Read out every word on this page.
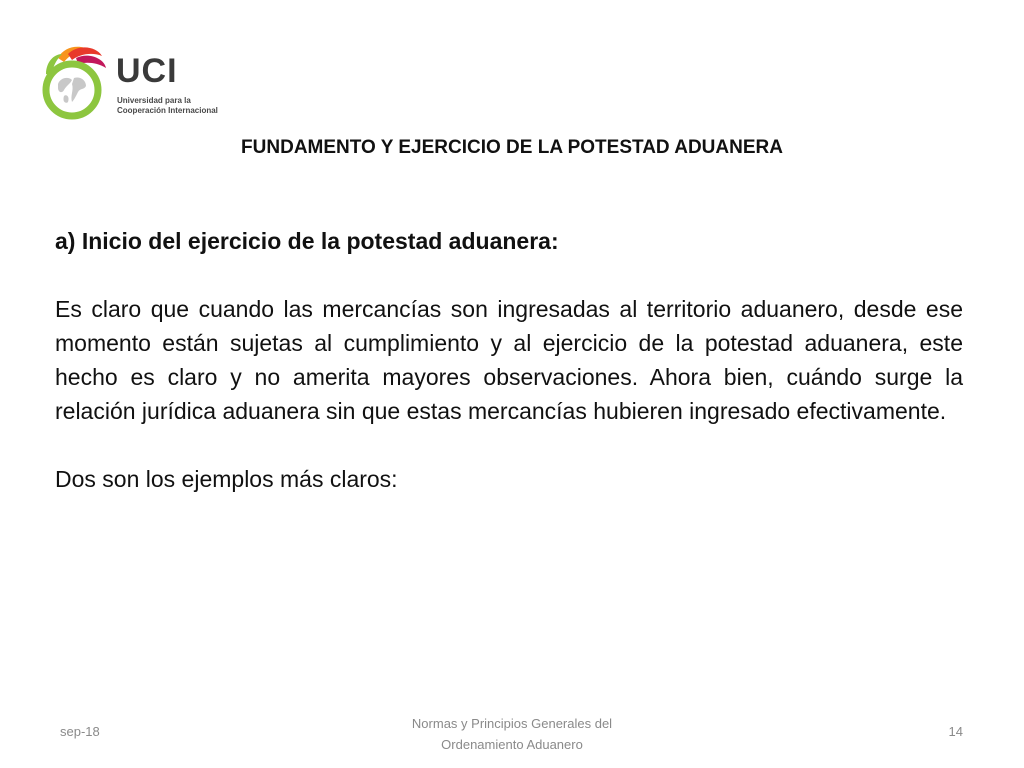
UCI
Universidad para la
Cooperación Internacional
FUNDAMENTO Y EJERCICIO DE LA POTESTAD ADUANERA

a) Inicio del ejercicio de la potestad aduanera:

Es claro que cuando las mercancías son ingresadas al territorio aduanero, desde ese momento están sujetas al cumplimiento y al ejercicio de la potestad aduanera, este hecho es claro y no amerita mayores observaciones. Ahora bien, cuándo surge la relación jurídica aduanera sin que estas mercancías hubieren ingresado efectivamente.

Dos son los ejemplos más claros:

sep-18
Normas y Principios Generales del
Ordenamiento Aduanero
14
